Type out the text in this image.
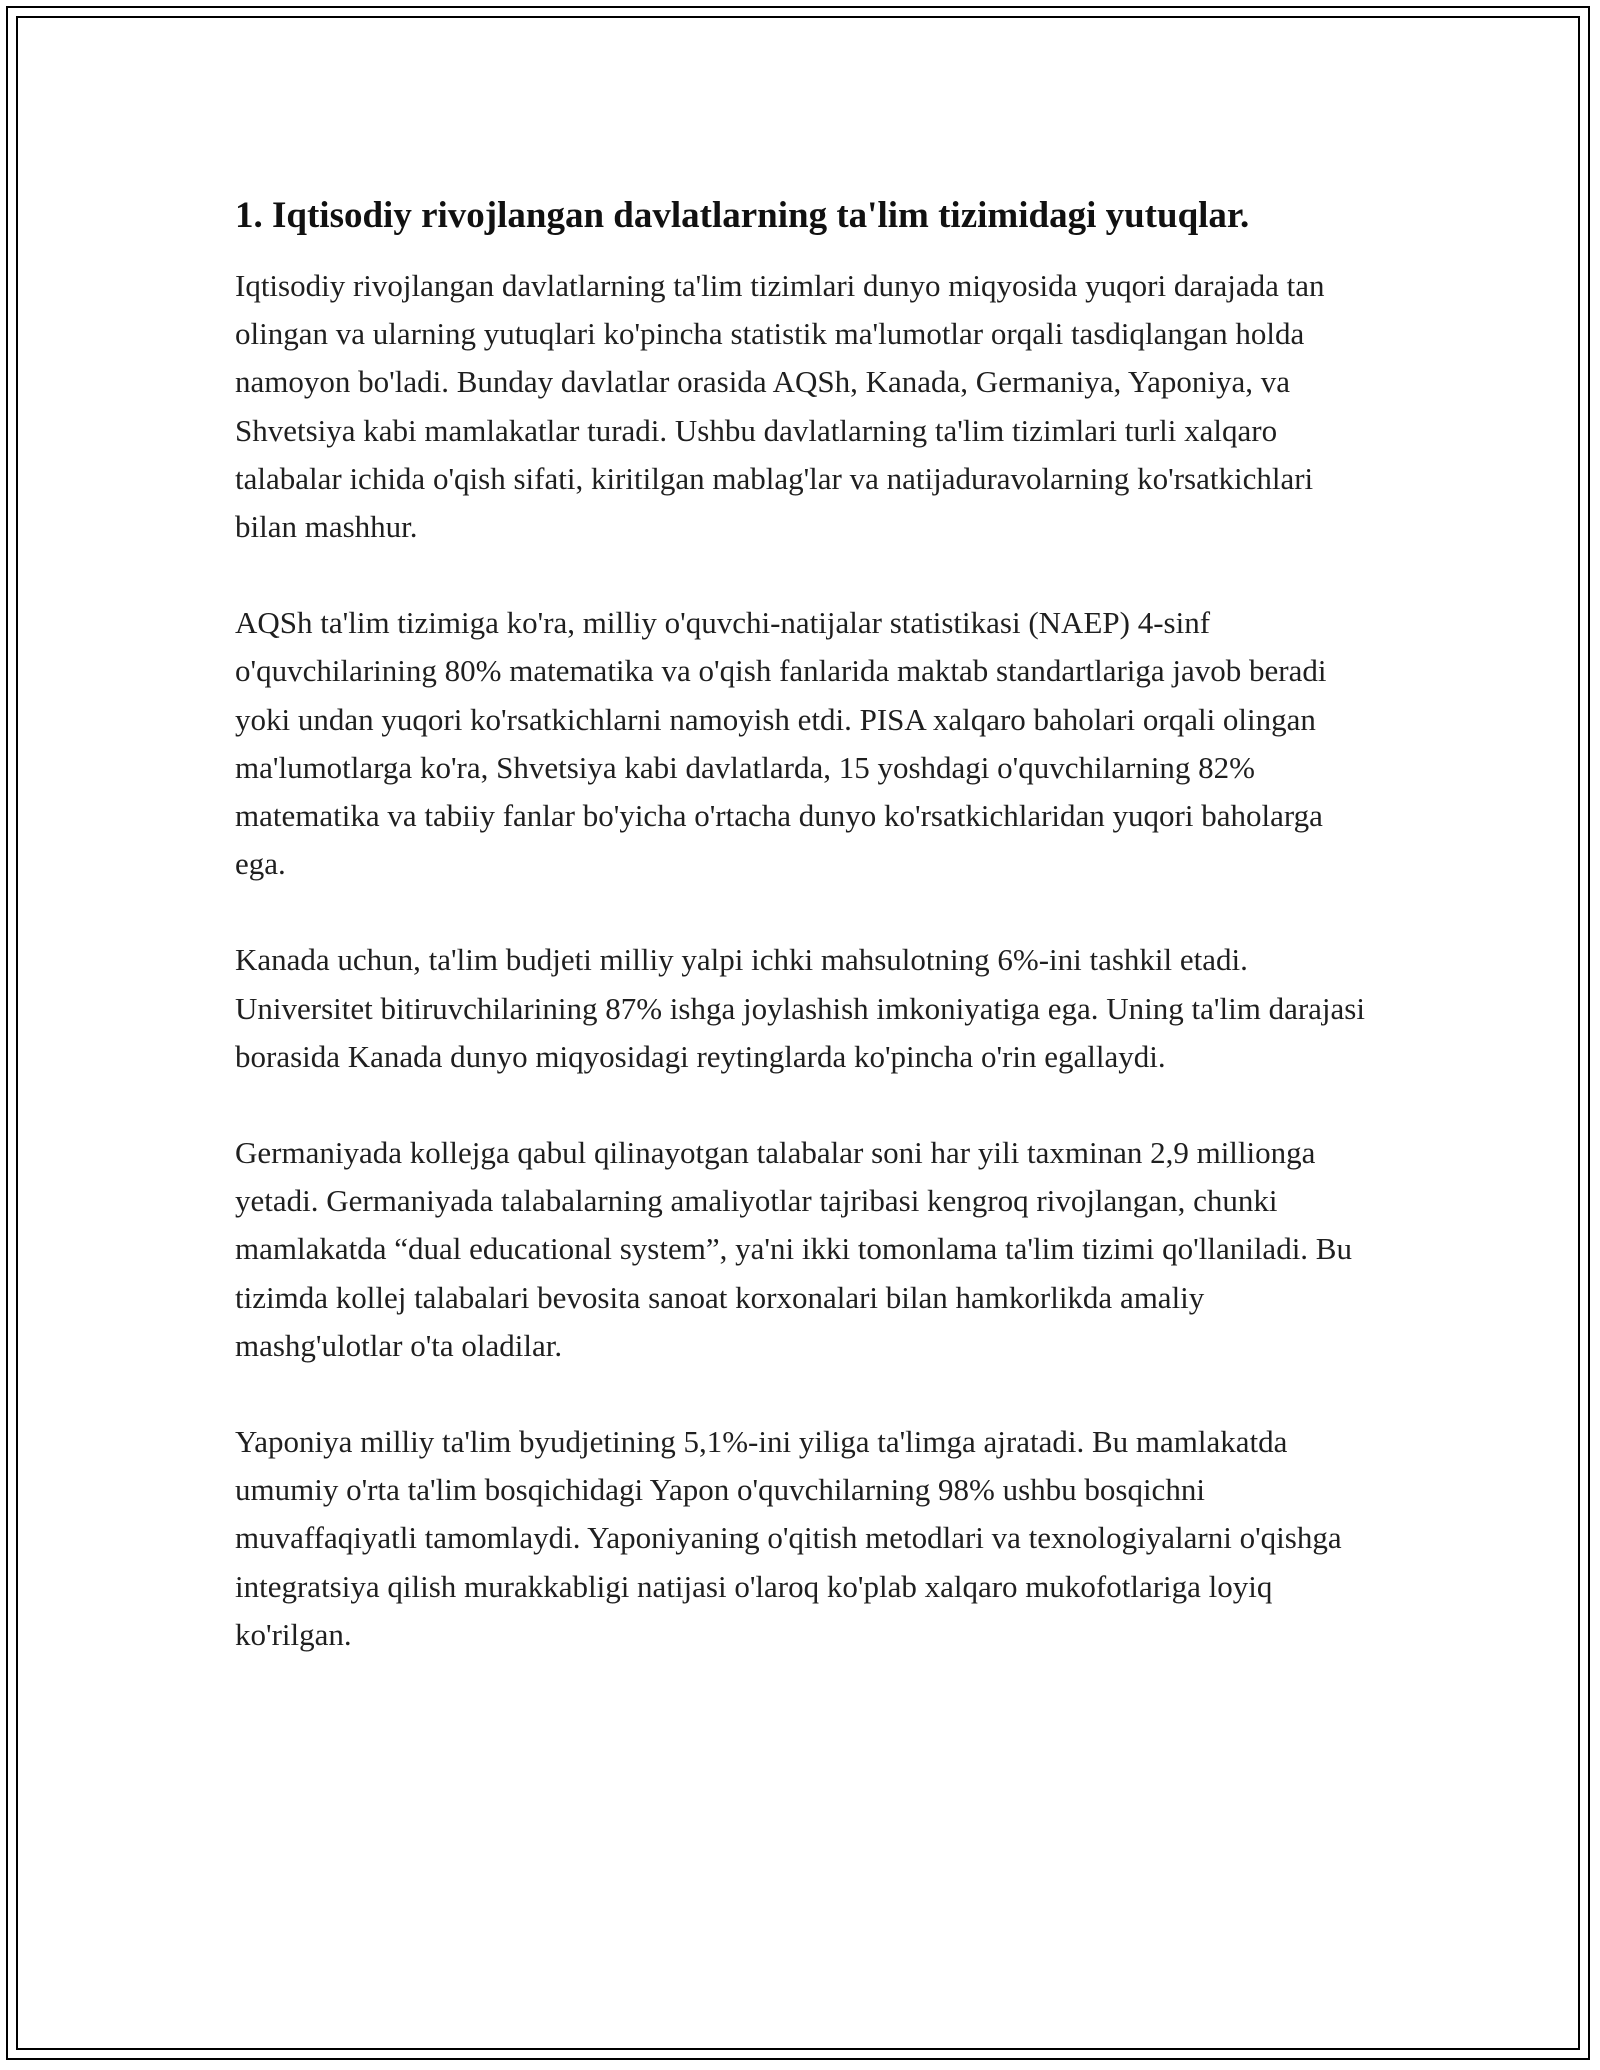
1. Iqtisodiy rivojlangan davlatlarning ta'lim tizimidagi yutuqlar.

Iqtisodiy rivojlangan davlatlarning ta'lim tizimlari dunyo miqyosida yuqori darajada tan olingan va ularning yutuqlari ko'pincha statistik ma'lumotlar orqali tasdiqlangan holda namoyon bo'ladi. Bunday davlatlar orasida AQSh, Kanada, Germaniya, Yaponiya, va Shvetsiya kabi mamlakatlar turadi. Ushbu davlatlarning ta'lim tizimlari turli xalqaro talabalar ichida o'qish sifati, kiritilgan mablag'lar va natijaduravolarning ko'rsatkichlari bilan mashhur.

AQSh ta'lim tizimiga ko'ra, milliy o'quvchi-natijalar statistikasi (NAEP) 4-sinf o'quvchilarining 80% matematika va o'qish fanlarida maktab standartlariga javob beradi yoki undan yuqori ko'rsatkichlarni namoyish etdi. PISA xalqaro baholari orqali olingan ma'lumotlarga ko'ra, Shvetsiya kabi davlatlarda, 15 yoshdagi o'quvchilarning 82% matematika va tabiiy fanlar bo'yicha o'rtacha dunyo ko'rsatkichlaridan yuqori baholarga ega.

Kanada uchun, ta'lim budjeti milliy yalpi ichki mahsulotning 6%-ini tashkil etadi. Universitet bitiruvchilarining 87% ishga joylashish imkoniyatiga ega. Uning ta'lim darajasi borasida Kanada dunyo miqyosidagi reytinglarda ko'pincha o'rin egallaydi.

Germaniyada kollejga qabul qilinayotgan talabalar soni har yili taxminan 2,9 millionga yetadi. Germaniyada talabalarning amaliyotlar tajribasi kengroq rivojlangan, chunki mamlakatda “dual educational system”, ya'ni ikki tomonlama ta'lim tizimi qo'llaniladi. Bu tizimda kollej talabalari bevosita sanoat korxonalari bilan hamkorlikda amaliy mashg'ulotlar o'ta oladilar.

Yaponiya milliy ta'lim byudjetining 5,1%-ini yiliga ta'limga ajratadi. Bu mamlakatda umumiy o'rta ta'lim bosqichidagi Yapon o'quvchilarning 98% ushbu bosqichni muvaffaqiyatli tamomlaydi. Yaponiyaning o'qitish metodlari va texnologiyalarni o'qishga integratsiya qilish murakkabligi natijasi o'laroq ko'plab xalqaro mukofotlariga loyiq ko'rilgan.
